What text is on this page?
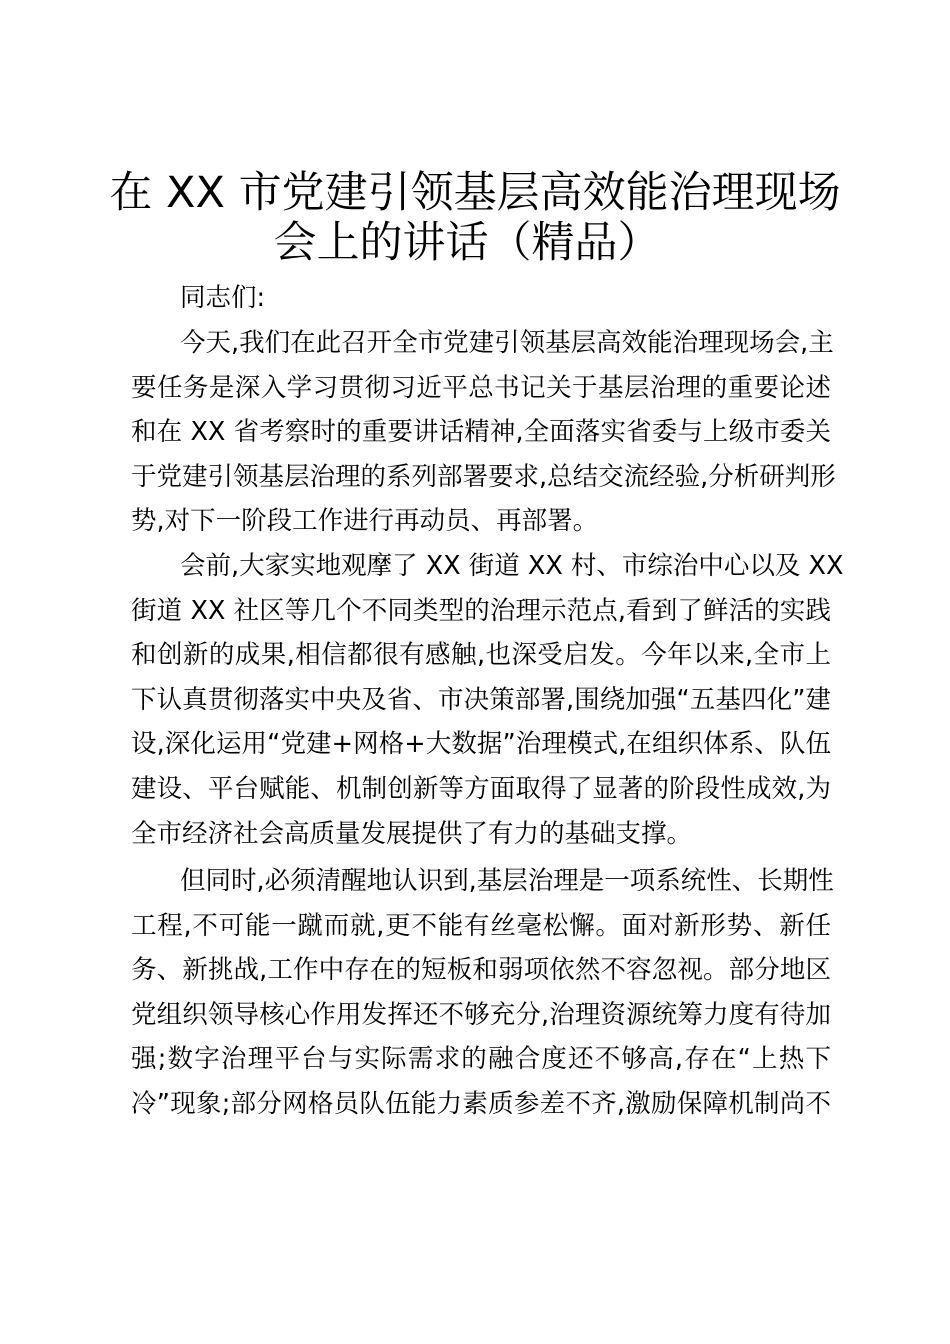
在 XX 市党建引领基层高效能治理现场
会上的讲话（精品）
同志们:
今天,我们在此召开全市党建引领基层高效能治理现场会,主
要任务是深入学习贯彻习近平总书记关于基层治理的重要论述
和在 XX 省考察时的重要讲话精神,全面落实省委与上级市委关
于党建引领基层治理的系列部署要求,总结交流经验,分析研判形
势,对下一阶段工作进行再动员、再部署。
会前,大家实地观摩了 XX 街道 XX 村、市综治中心以及 XX
街道 XX 社区等几个不同类型的治理示范点,看到了鲜活的实践
和创新的成果,相信都很有感触,也深受启发。今年以来,全市上
下认真贯彻落实中央及省、市决策部署,围绕加强“五基四化”建
设,深化运用“党建+网格+大数据”治理模式,在组织体系、队伍
建设、平台赋能、机制创新等方面取得了显著的阶段性成效,为
全市经济社会高质量发展提供了有力的基础支撑。
但同时,必须清醒地认识到,基层治理是一项系统性、长期性
工程,不可能一蹴而就,更不能有丝毫松懈。面对新形势、新任
务、新挑战,工作中存在的短板和弱项依然不容忽视。部分地区
党组织领导核心作用发挥还不够充分,治理资源统筹力度有待加
强;数字治理平台与实际需求的融合度还不够高,存在“上热下
冷”现象;部分网格员队伍能力素质参差不齐,激励保障机制尚不
